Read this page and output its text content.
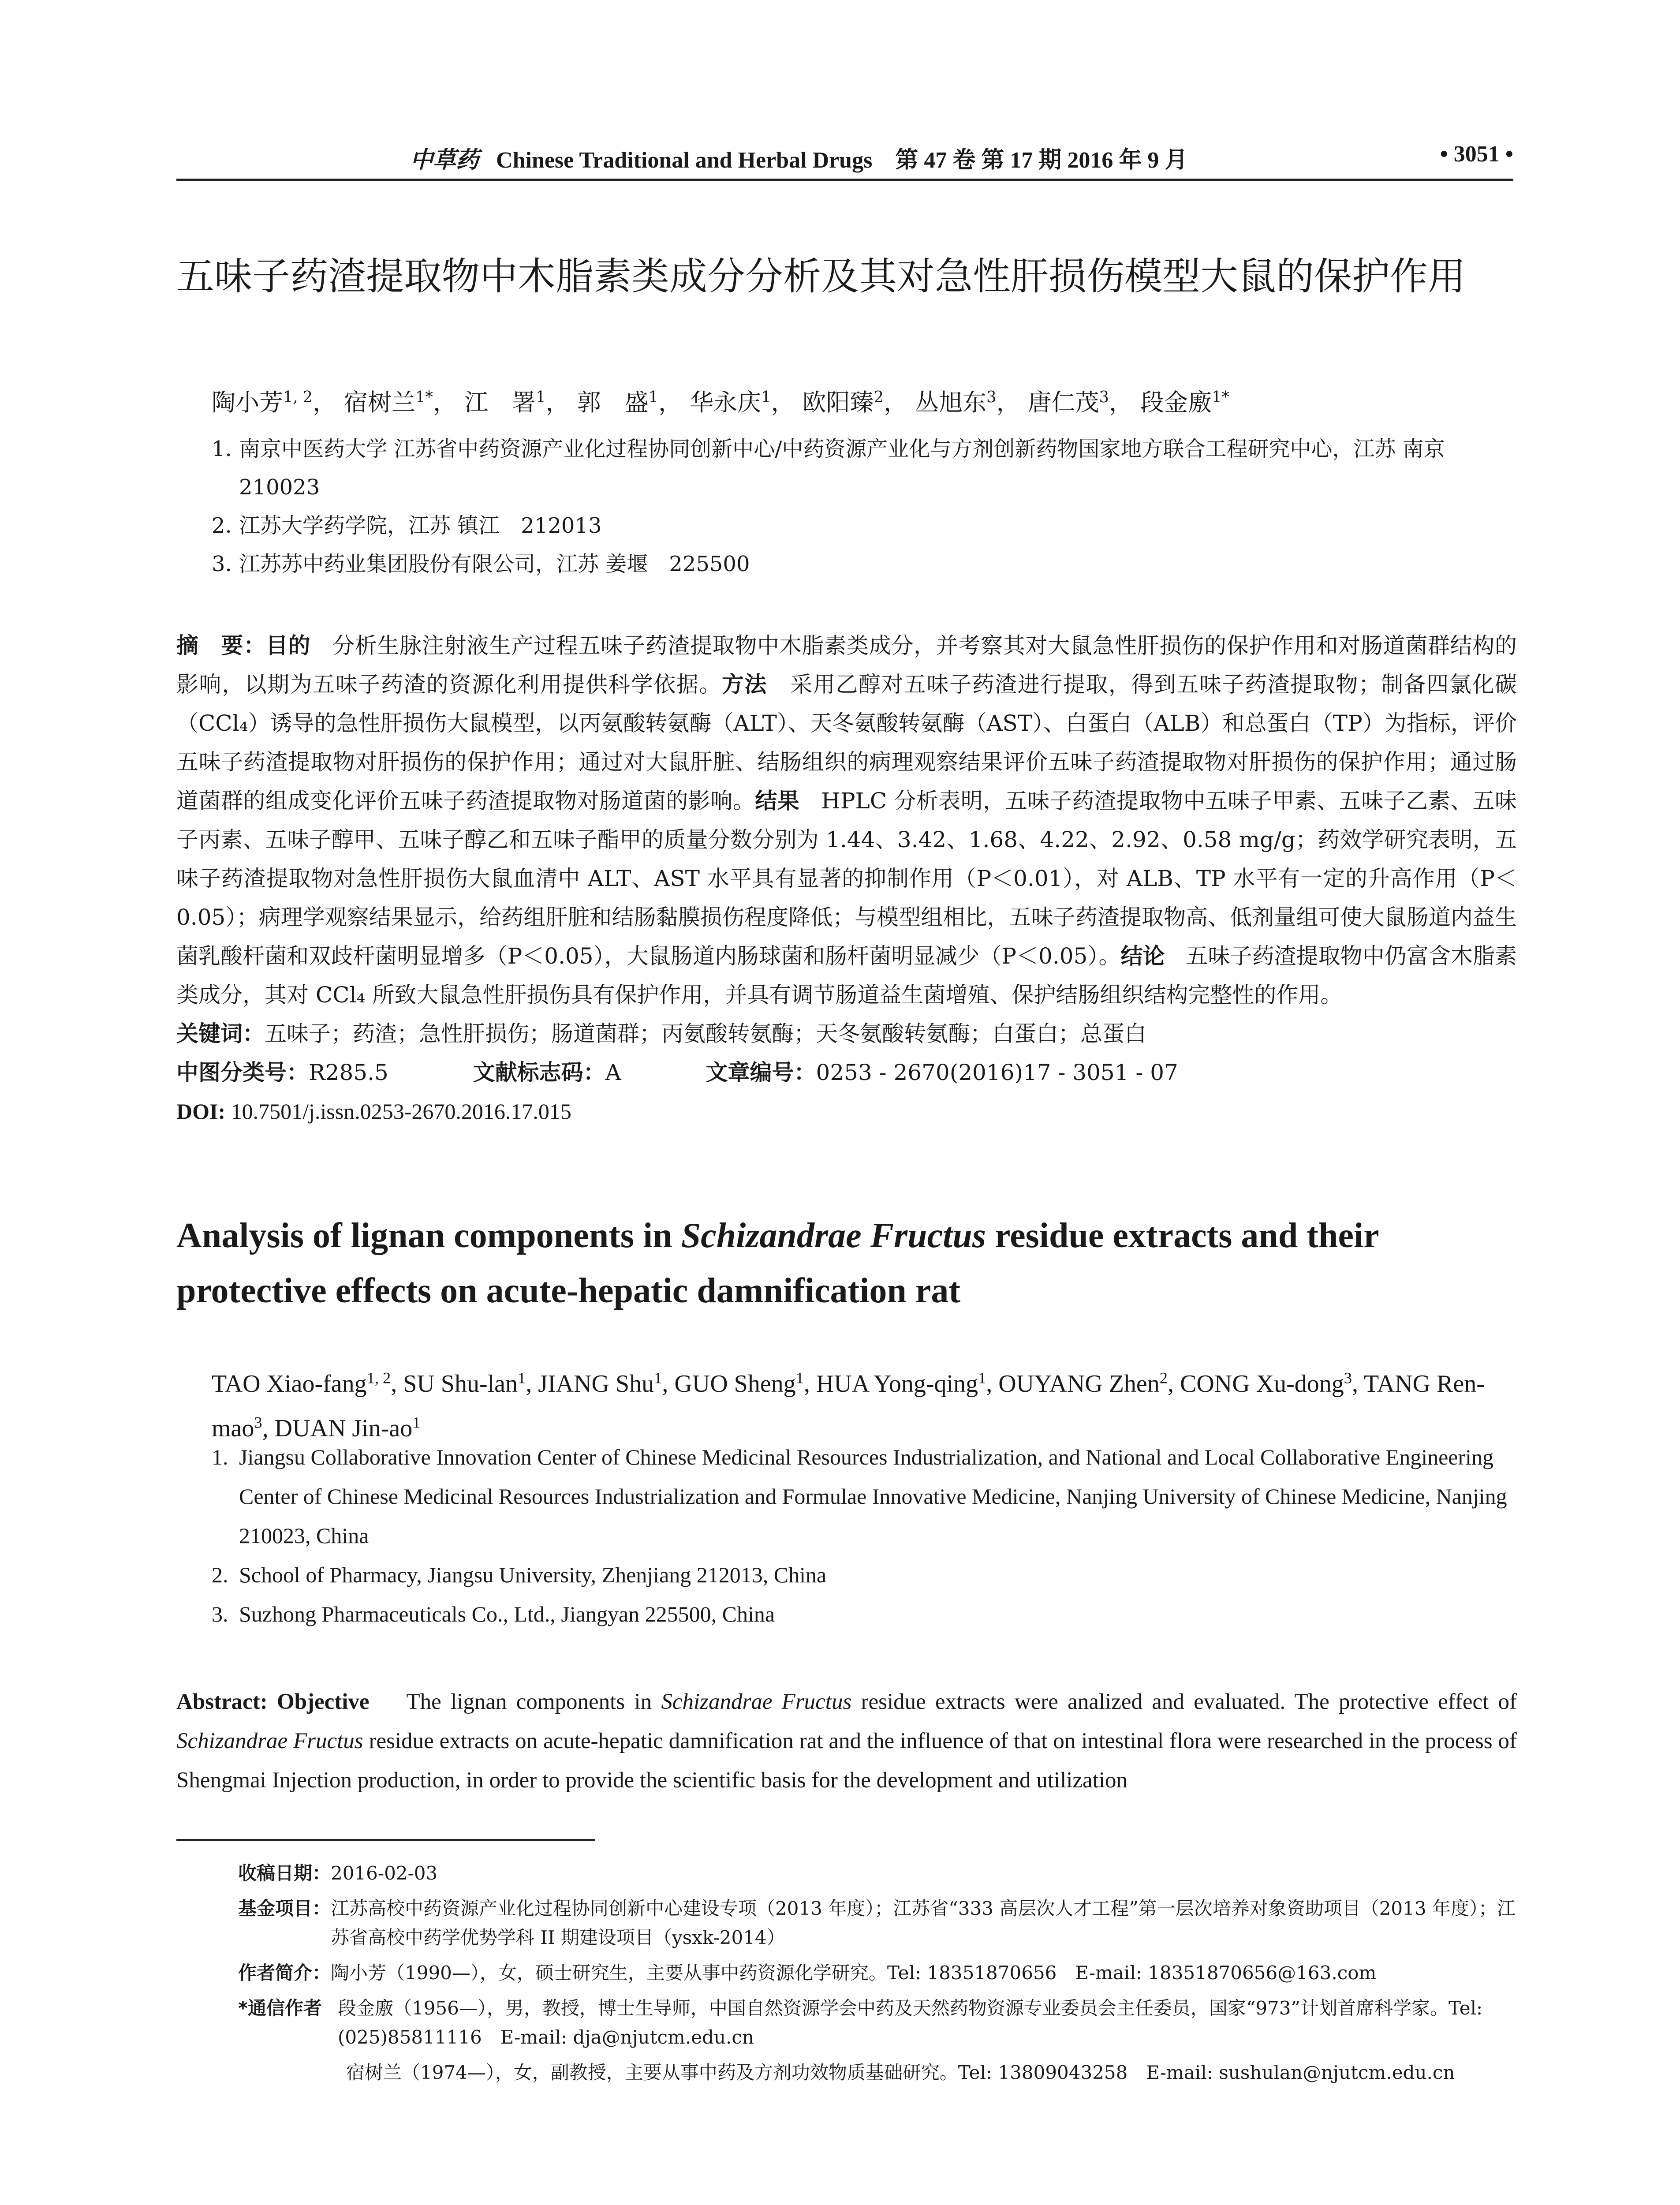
中草药 Chinese Traditional and Herbal Drugs 第 47 卷 第 17 期 2016 年 9 月	• 3051 •
五味子药渣提取物中木脂素类成分分析及其对急性肝损伤模型大鼠的保护作用
陶小芳$^{1, 2}$， 宿树兰$^{1*}$， 江　署$^1$， 郭　盛$^1$， 华永庆$^1$， 欧阳臻$^2$， 丛旭东$^3$， 唐仁茂$^3$， 段金廒$^{1*}$
1. 南京中医药大学 江苏省中药资源产业化过程协同创新中心/中药资源产业化与方剂创新药物国家地方联合工程研究中心，江苏 南京　210023
2. 江苏大学药学院，江苏 镇江　212013
3. 江苏苏中药业集团股份有限公司，江苏 姜堰　225500
摘　要：目的 分析生脉注射液生产过程五味子药渣提取物中木脂素类成分，并考察其对大鼠急性肝损伤的保护作用和对肠道菌群结构的影响，以期为五味子药渣的资源化利用提供科学依据。方法 采用乙醇对五味子药渣进行提取，得到五味子药渣提取物；制备四氯化碳（CCl₄）诱导的急性肝损伤大鼠模型，以丙氨酸转氨酶（ALT）、天冬氨酸转氨酶（AST）、白蛋白（ALB）和总蛋白（TP）为指标，评价五味子药渣提取物对肝损伤的保护作用；通过对大鼠肝脏、结肠组织的病理观察结果评价五味子药渣提取物对肝损伤的保护作用；通过肠道菌群的组成变化评价五味子药渣提取物对肠道菌的影响。结果 HPLC 分析表明，五味子药渣提取物中五味子甲素、五味子乙素、五味子丙素、五味子醇甲、五味子醇乙和五味子酯甲的质量分数分别为 1.44、3.42、1.68、4.22、2.92、0.58 mg/g；药效学研究表明，五味子药渣提取物对急性肝损伤大鼠血清中 ALT、AST 水平具有显著的抑制作用（P＜0.01），对 ALB、TP 水平有一定的升高作用（P＜0.05）；病理学观察结果显示，给药组肝脏和结肠黏膜损伤程度降低；与模型组相比，五味子药渣提取物高、低剂量组可使大鼠肠道内益生菌乳酸杆菌和双歧杆菌明显增多（P＜0.05），大鼠肠道内肠球菌和肠杆菌明显减少（P＜0.05）。结论 五味子药渣提取物中仍富含木脂素类成分，其对 CCl₄ 所致大鼠急性肝损伤具有保护作用，并具有调节肠道益生菌增殖、保护结肠组织结构完整性的作用。
关键词：五味子；药渣；急性肝损伤；肠道菌群；丙氨酸转氨酶；天冬氨酸转氨酶；白蛋白；总蛋白
中图分类号：R285.5	文献标志码：A	文章编号：0253 - 2670(2016)17 - 3051 - 07
DOI: 10.7501/j.issn.0253-2670.2016.17.015
Analysis of lignan components in Schizandrae Fructus residue extracts and their protective effects on acute-hepatic damnification rat
TAO Xiao-fang$^{1, 2}$, SU Shu-lan$^1$, JIANG Shu$^1$, GUO Sheng$^1$, HUA Yong-qing$^1$, OUYANG Zhen$^2$, CONG Xu-dong$^3$, TANG Ren-mao$^3$, DUAN Jin-$ao^1$
1. Jiangsu Collaborative Innovation Center of Chinese Medicinal Resources Industrialization, and National and Local Collaborative Engineering Center of Chinese Medicinal Resources Industrialization and Formulae Innovative Medicine, Nanjing University of Chinese Medicine, Nanjing 210023, China
2. School of Pharmacy, Jiangsu University, Zhenjiang 212013, China
3. Suzhong Pharmaceuticals Co., Ltd., Jiangyan 225500, China
Abstract: Objective The lignan components in Schizandrae Fructus residue extracts were analized and evaluated. The protective effect of Schizandrae Fructus residue extracts on acute-hepatic damnification rat and the influence of that on intestinal flora were researched in the process of Shengmai Injection production, in order to provide the scientific basis for the development and utilization
收稿日期： 2016-02-03
基金项目： 江苏高校中药资源产业化过程协同创新中心建设专项（2013 年度）；江苏省“333 高层次人才工程”第一层次培养对象资助项目（2013 年度）；江苏省高校中药学优势学科 II 期建设项目（ysxk-2014）
作者简介： 陶小芳（1990—），女，硕士研究生，主要从事中药资源化学研究。Tel: 18351870656　E-mail: 18351870656@163.com
*通信作者 段金廒（1956—），男，教授，博士生导师，中国自然资源学会中药及天然药物资源专业委员会主任委员，国家“973”计划首席科学家。Tel: (025)85811116　E-mail: dja@njutcm.edu.cn
宿树兰（1974—），女，副教授，主要从事中药及方剂功效物质基础研究。Tel: 13809043258　E-mail: sushulan@njutcm.edu.cn
